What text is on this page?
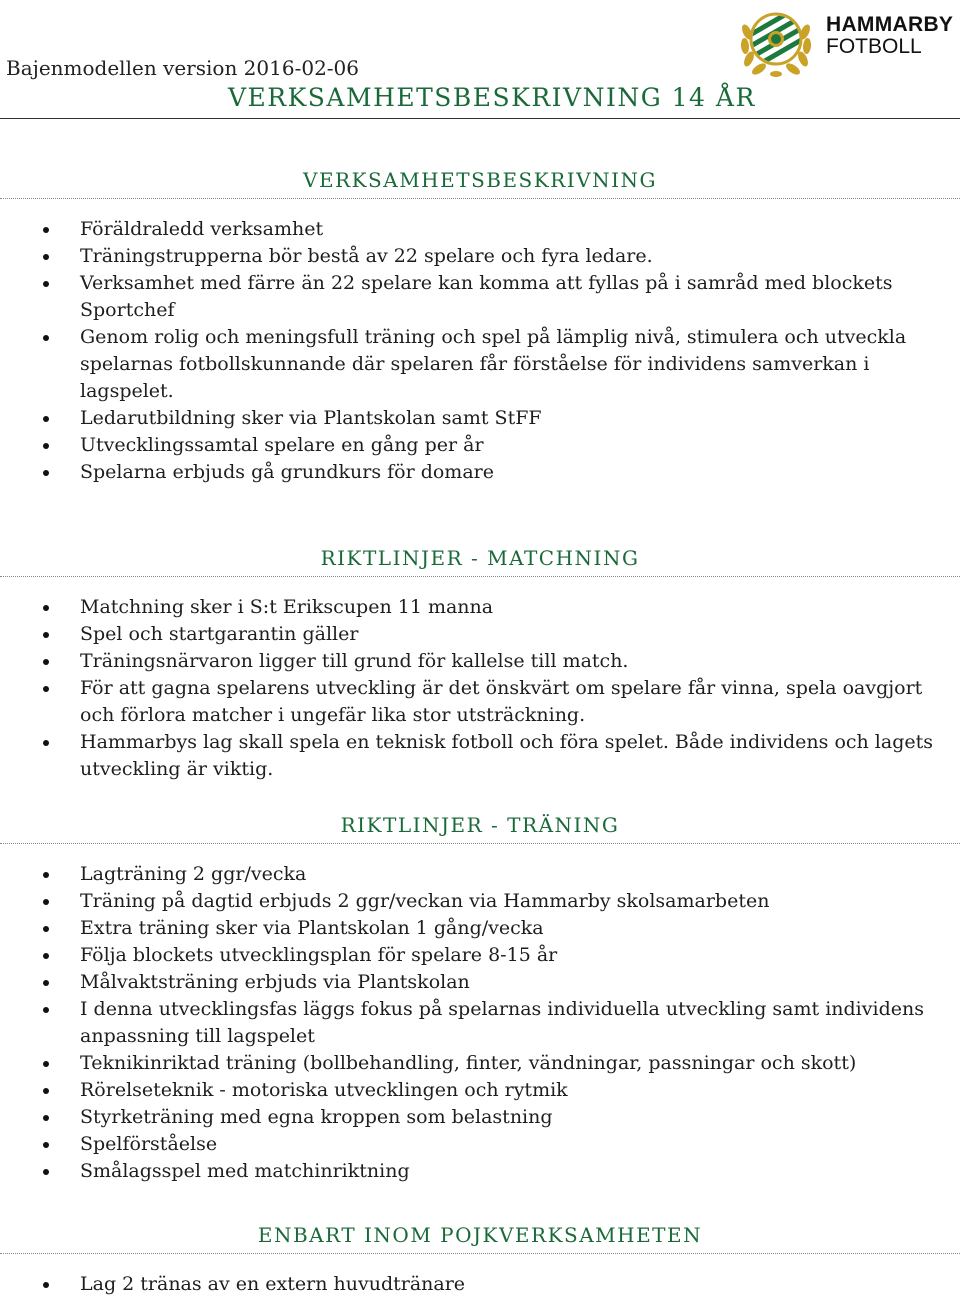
Bajenmodellen version 2016-02-06
VERKSAMHETSBESKRIVNING 14 ÅR
HAMMARBY
FOTBOLL
VERKSAMHETSBESKRIVNING
Föräldraledd verksamhet
Träningstrupperna bör bestå av 22 spelare och fyra ledare.
Verksamhet med färre än 22 spelare kan komma att fyllas på i samråd med blockets Sportchef
Genom rolig och meningsfull träning och spel på lämplig nivå, stimulera och utveckla spelarnas fotbollskunnande där spelaren får förståelse för individens samverkan i lagspelet.
Ledarutbildning sker via Plantskolan samt StFF
Utvecklingssamtal spelare en gång per år
Spelarna erbjuds gå grundkurs för domare
RIKTLINJER - MATCHNING
Matchning sker i S:t Erikscupen 11 manna
Spel och startgarantin gäller
Träningsnärvaron ligger till grund för kallelse till match.
För att gagna spelarens utveckling är det önskvärt om spelare får vinna, spela oavgjort och förlora matcher i ungefär lika stor utsträckning.
Hammarbys lag skall spela en teknisk fotboll och föra spelet. Både individens och lagets utveckling är viktig.
RIKTLINJER - TRÄNING
Lagträning 2 ggr/vecka
Träning på dagtid erbjuds 2 ggr/veckan via Hammarby skolsamarbeten
Extra träning sker via Plantskolan 1 gång/vecka
Följa blockets utvecklingsplan för spelare 8-15 år
Målvaktsträning erbjuds via Plantskolan
I denna utvecklingsfas läggs fokus på spelarnas individuella utveckling samt individens anpassning till lagspelet
Teknikinriktad träning (bollbehandling, finter, vändningar, passningar och skott)
Rörelseteknik - motoriska utvecklingen och rytmik
Styrketräning med egna kroppen som belastning
Spelförståelse
Smålagsspel med matchinriktning
ENBART INOM POJKVERKSAMHETEN
Lag 2 tränas av en extern huvudtränare
